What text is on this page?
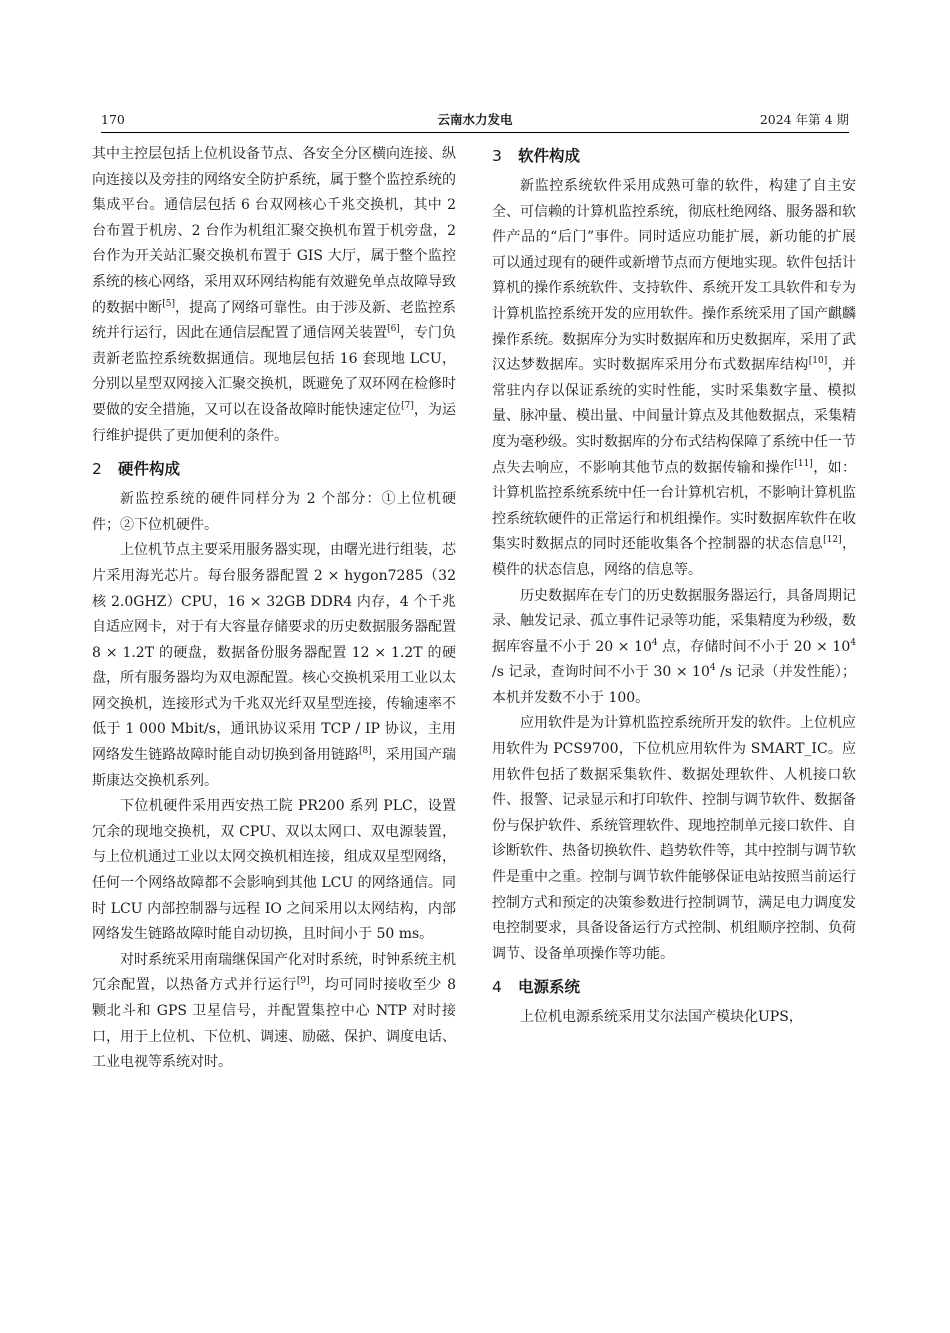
170	云南水力发电	2024 年第 4 期

其中主控层包括上位机设备节点、各安全分区横向连接、纵向连接以及旁挂的网络安全防护系统，属于整个监控系统的集成平台。通信层包括 6 台双网核心千兆交换机，其中 2 台布置于机房、2 台作为机组汇聚交换机布置于机旁盘，2 台作为开关站汇聚交换机布置于 GIS 大厅，属于整个监控系统的核心网络，采用双环网结构能有效避免单点故障导致的数据中断[5]，提高了网络可靠性。由于涉及新、老监控系统并行运行，因此在通信层配置了通信网关装置[6]，专门负责新老监控系统数据通信。现地层包括 16 套现地 LCU，分别以星型双网接入汇聚交换机，既避免了双环网在检修时要做的安全措施，又可以在设备故障时能快速定位[7]，为运行维护提供了更加便利的条件。

2 硬件构成

新监控系统的硬件同样分为 2 个部分：①上位机硬件；②下位机硬件。

上位机节点主要采用服务器实现，由曙光进行组装，芯片采用海光芯片。每台服务器配置 2 × hygon7285（32 核 2.0GHZ）CPU，16 × 32GB DDR4 内存，4 个千兆自适应网卡，对于有大容量存储要求的历史数据服务器配置 8 × 1.2T 的硬盘，数据备份服务器配置 12 × 1.2T 的硬盘，所有服务器均为双电源配置。核心交换机采用工业以太网交换机，连接形式为千兆双光纤双星型连接，传输速率不低于 1 000 Mbit/s，通讯协议采用 TCP / IP 协议，主用网络发生链路故障时能自动切换到备用链路[8]，采用国产瑞斯康达交换机系列。

下位机硬件采用西安热工院 PR200 系列 PLC，设置冗余的现地交换机，双 CPU、双以太网口、双电源装置，与上位机通过工业以太网交换机相连接，组成双星型网络，任何一个网络故障都不会影响到其他 LCU 的网络通信。同时 LCU 内部控制器与远程 IO 之间采用以太网结构，内部网络发生链路故障时能自动切换，且时间小于 50 ms。

对时系统采用南瑞继保国产化对时系统，时钟系统主机冗余配置，以热备方式并行运行[9]，均可同时接收至少 8 颗北斗和 GPS 卫星信号，并配置集控中心 NTP 对时接口，用于上位机、下位机、调速、励磁、保护、调度电话、工业电视等系统对时。

3 软件构成

新监控系统软件采用成熟可靠的软件，构建了自主安全、可信赖的计算机监控系统，彻底杜绝网络、服务器和软件产品的“后门”事件。同时适应功能扩展，新功能的扩展可以通过现有的硬件或新增节点而方便地实现。软件包括计算机的操作系统软件、支持软件、系统开发工具软件和专为计算机监控系统开发的应用软件。操作系统采用了国产麒麟操作系统。数据库分为实时数据库和历史数据库，采用了武汉达梦数据库。实时数据库采用分布式数据库结构[10]，并常驻内存以保证系统的实时性能，实时采集数字量、模拟量、脉冲量、模出量、中间量计算点及其他数据点，采集精度为毫秒级。实时数据库的分布式结构保障了系统中任一节点失去响应，不影响其他节点的数据传输和操作[11]，如：计算机监控系统系统中任一台计算机宕机，不影响计算机监控系统软硬件的正常运行和机组操作。实时数据库软件在收集实时数据点的同时还能收集各个控制器的状态信息[12]，模件的状态信息，网络的信息等。

历史数据库在专门的历史数据服务器运行，具备周期记录、触发记录、孤立事件记录等功能，采集精度为秒级，数据库容量不小于 $20 \times 10^4$ 点，存储时间不小于 $20 \times 10^4$ /s 记录，查询时间不小于 $30 \times 10^4$ /s 记录（并发性能）；本机并发数不小于 100。

应用软件是为计算机监控系统所开发的软件。上位机应用软件为 PCS9700，下位机应用软件为 SMART_IC。应用软件包括了数据采集软件、数据处理软件、人机接口软件、报警、记录显示和打印软件、控制与调节软件、数据备份与保护软件、系统管理软件、现地控制单元接口软件、自诊断软件、热备切换软件、趋势软件等，其中控制与调节软件是重中之重。控制与调节软件能够保证电站按照当前运行控制方式和预定的决策参数进行控制调节，满足电力调度发电控制要求，具备设备运行方式控制、机组顺序控制、负荷调节、设备单项操作等功能。

4 电源系统

上位机电源系统采用艾尔法国产模块化UPS，
